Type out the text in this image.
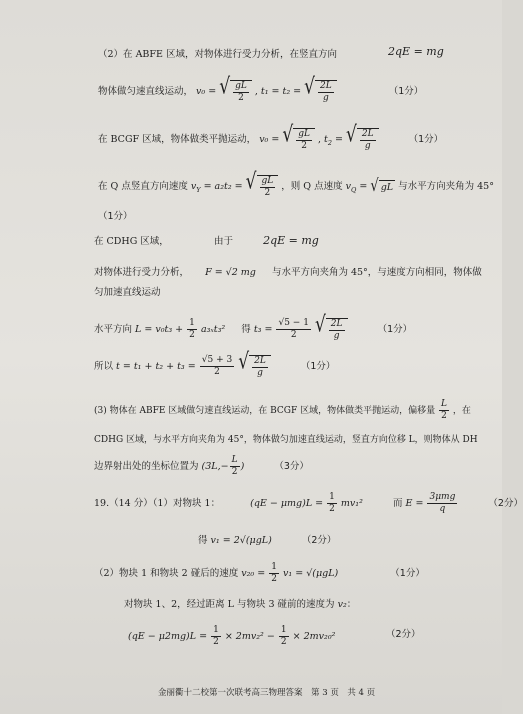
（2）在 ABFE 区域，对物体进行受力分析，在竖直方向	2qE = mg
物体做匀速直线运动， v₀ = √ $\frac{gL}{2}$ , t₁ = t₂ = √ $\frac{2L}{g}$	（1分）
在 BCGF 区域，物体做类平抛运动， v₀ = √ $\frac{gL}{2}$ , $t_2$ = √ $\frac{2L}{g}$	（1分）
在 Q 点竖直方向速度 $v_Y = a_2t_2$ = √ $\frac{gL}{2}$ ，则 Q 点速度 $v_Q$ = √ gL 与水平方向夹角为 45°
（1分）
在 CDHG 区域，	由于	2qE = mg
对物体进行受力分析， F = √2 mg 与水平方向夹角为 45°，与速度方向相同，物体做
匀加速直线运动
水平方向 $L = v_0t_3 + \frac{1}{2} a_{3x}t_3^2$ 得 $t_3 = \frac{√5 - 1}{2}$
√ $\frac{2L}{g}$	（1分）
所以 $t = t_1 + t_2 + t_3 = \frac{√5 + 3}{2}$
√ $\frac{2L}{g}$	（1分）
(3) 物体在 ABFE 区域做匀速直线运动，在 BCGF 区域，物体做类平抛运动，偏移量 $\frac{L}{2}$ ，在
CDHG 区域，与水平方向夹角为 45°，物体做匀加速直线运动，竖直方向位移 L，则物体从 DH
边界射出处的坐标位置为 ($3L,- \frac{L}{2}$ )	（3分）
19.（14 分）（1）对物块 1：	$(qE - \mu mg)L = \frac{1}{2} mv_1^2$	而 $E = \frac{\text{3μmg}}{q}$	（2分）
得 v₁ = 2√(μgL)	（2分）
（2）物块 1 和物块 2 碰后的速度 $v_{20} = \frac{1}{2} v_1 = √(\mu gL)$	（1分）
对物块 1、2，经过距离 L 与物块 3 碰前的速度为 v₂：
$(qE - \mu 2mg)L = \frac{1}{2} \times 2mv_2^2 - \frac{1}{2} \times 2mv_{20}^2$	（2分）
金丽衢十二校第一次联考高三物理答案　第 3 页　共 4 页
